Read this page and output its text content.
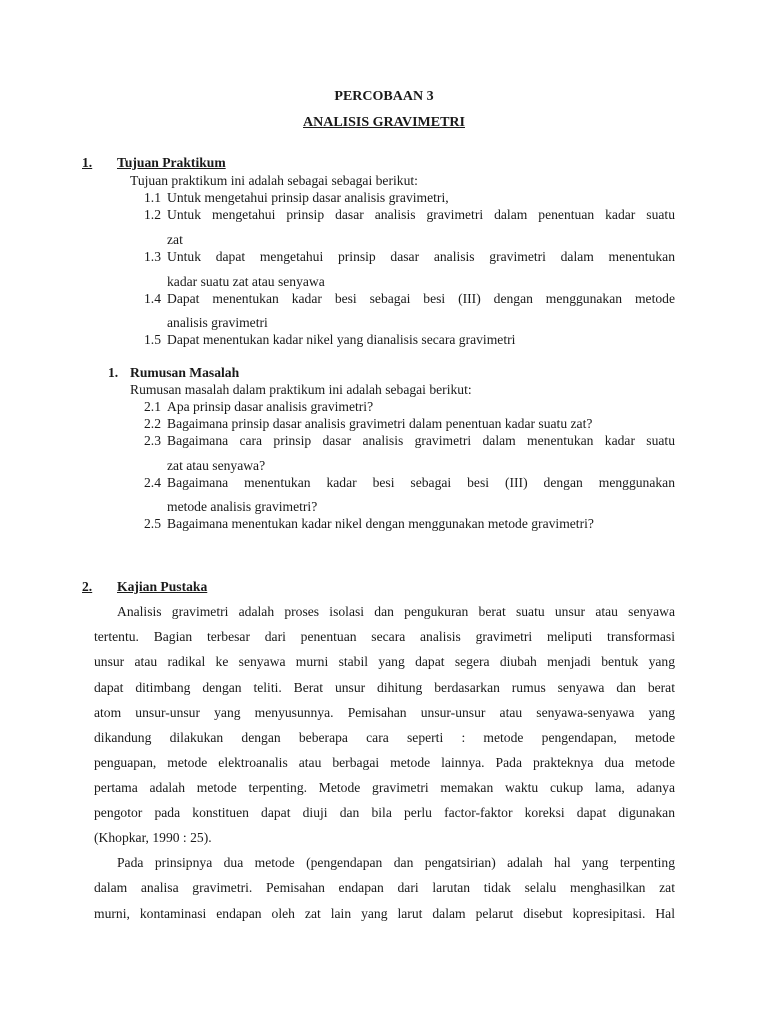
PERCOBAAN 3
ANALISIS GRAVIMETRI
1. Tujuan Praktikum
Tujuan praktikum ini adalah sebagai sebagai berikut:
1.1 Untuk mengetahui prinsip dasar analisis gravimetri,
1.2 Untuk mengetahui prinsip dasar analisis gravimetri dalam penentuan kadar suatu
zat
1.3 Untuk dapat mengetahui prinsip dasar analisis gravimetri dalam menentukan
kadar suatu zat atau senyawa
1.4 Dapat menentukan kadar besi sebagai besi (III) dengan menggunakan metode
analisis gravimetri
1.5 Dapat menentukan kadar nikel yang dianalisis secara gravimetri
1. Rumusan Masalah
Rumusan masalah dalam praktikum ini adalah sebagai berikut:
2.1 Apa prinsip dasar analisis gravimetri?
2.2 Bagaimana prinsip dasar analisis gravimetri dalam penentuan kadar suatu zat?
2.3 Bagaimana cara prinsip dasar analisis gravimetri dalam menentukan kadar suatu
zat atau senyawa?
2.4 Bagaimana menentukan kadar besi sebagai besi (III) dengan menggunakan
metode analisis gravimetri?
2.5 Bagaimana menentukan kadar nikel dengan menggunakan metode gravimetri?
2. Kajian Pustaka
Analisis gravimetri adalah proses isolasi dan pengukuran berat suatu unsur atau senyawa
tertentu. Bagian terbesar dari penentuan secara analisis gravimetri meliputi transformasi
unsur atau radikal ke senyawa murni stabil yang dapat segera diubah menjadi bentuk yang
dapat ditimbang dengan teliti. Berat unsur dihitung berdasarkan rumus senyawa dan berat
atom unsur-unsur yang menyusunnya. Pemisahan unsur-unsur atau senyawa-senyawa yang
dikandung dilakukan dengan beberapa cara seperti : metode pengendapan, metode
penguapan, metode elektroanalis atau berbagai metode lainnya. Pada prakteknya dua metode
pertama adalah metode terpenting. Metode gravimetri memakan waktu cukup lama, adanya
pengotor pada konstituen dapat diuji dan bila perlu factor-faktor koreksi dapat digunakan
(Khopkar, 1990 : 25).
Pada prinsipnya dua metode (pengendapan dan pengatsirian) adalah hal yang terpenting
dalam analisa gravimetri. Pemisahan endapan dari larutan tidak selalu menghasilkan zat
murni, kontaminasi endapan oleh zat lain yang larut dalam pelarut disebut kopresipitasi. Hal
